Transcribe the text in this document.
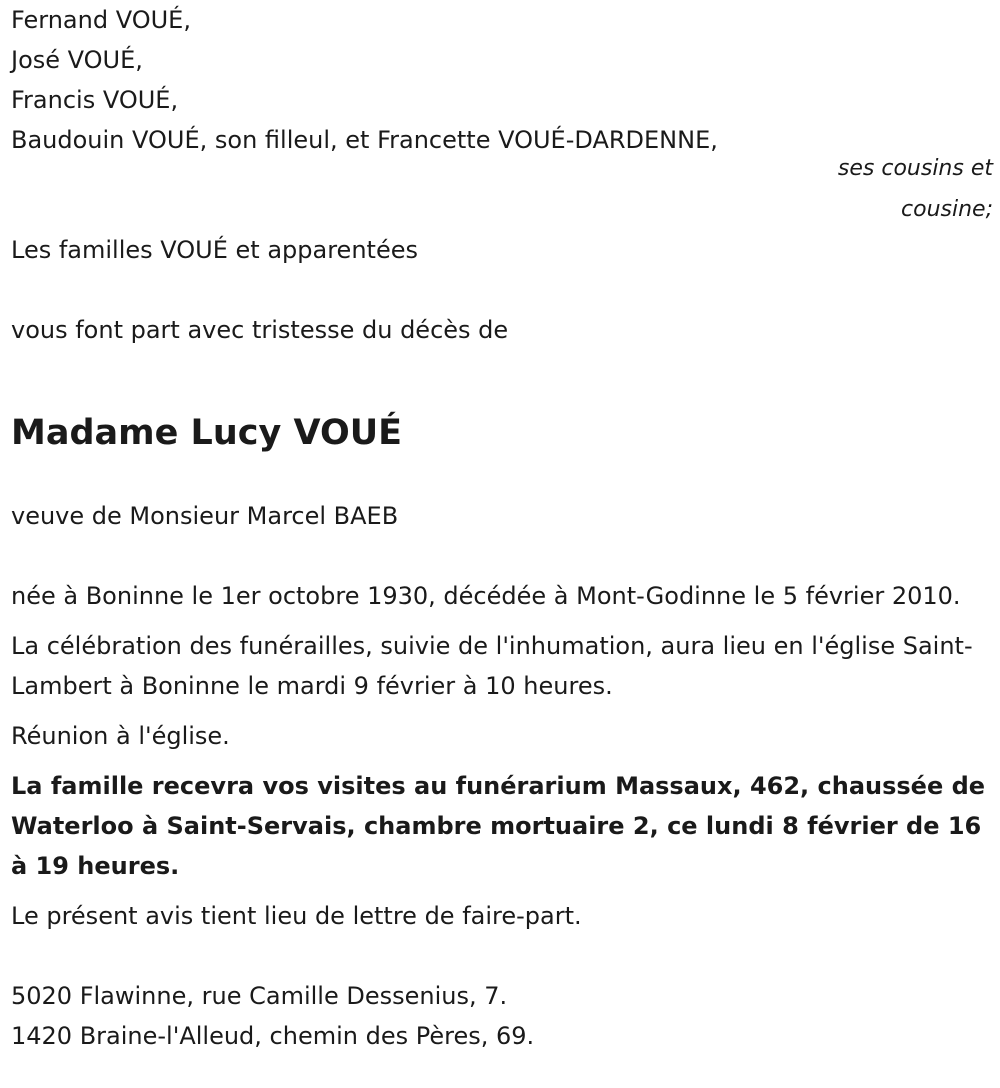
Fernand VOUÉ,
José VOUÉ,
Francis VOUÉ,
Baudouin VOUÉ, son filleul, et Francette VOUÉ-DARDENNE,
ses cousins et
cousine;
Les familles VOUÉ et apparentées
vous font part avec tristesse du décès de
Madame Lucy VOUÉ
veuve de Monsieur Marcel BAEB
née à Boninne le 1er octobre 1930, décédée à Mont-Godinne le 5 février 2010.
La célébration des funérailles, suivie de l'inhumation, aura lieu en l'église Saint-Lambert à Boninne le mardi 9 février à 10 heures.
Réunion à l'église.
La famille recevra vos visites au funérarium Massaux, 462, chaussée de Waterloo à Saint-Servais, chambre mortuaire 2, ce lundi 8 février de 16 à 19 heures.
Le présent avis tient lieu de lettre de faire-part.
5020 Flawinne, rue Camille Dessenius, 7.
1420 Braine-l'Alleud, chemin des Pères, 69.
